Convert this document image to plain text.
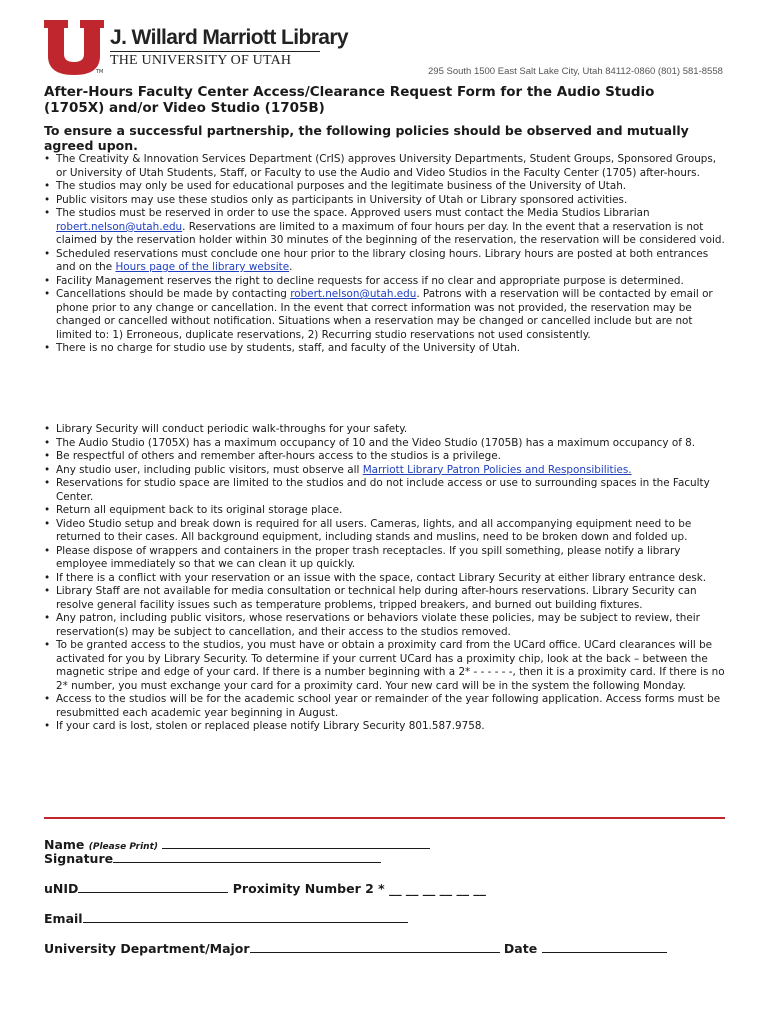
TM
J. Willard Marriott Library
THE UNIVERSITY OF UTAH
295 South 1500 East Salt Lake City, Utah 84112-0860 (801) 581-8558
After-Hours Faculty Center Access/Clearance Request Form for the Audio Studio (1705X) and/or Video Studio (1705B)
To ensure a successful partnership, the following policies should be observed and mutually agreed upon.
• The Creativity & Innovation Services Department (CrIS) approves University Departments, Student Groups, Sponsored Groups, or University of Utah Students, Staff, or Faculty to use the Audio and Video Studios in the Faculty Center (1705) after-hours.
• The studios may only be used for educational purposes and the legitimate business of the University of Utah.
• Public visitors may use these studios only as participants in University of Utah or Library sponsored activities.
• The studios must be reserved in order to use the space. Approved users must contact the Media Studios Librarian robert.nelson@utah.edu. Reservations are limited to a maximum of four hours per day. In the event that a reservation is not claimed by the reservation holder within 30 minutes of the beginning of the reservation, the reservation will be considered void.
• Scheduled reservations must conclude one hour prior to the library closing hours. Library hours are posted at both entrances and on the Hours page of the library website.
• Facility Management reserves the right to decline requests for access if no clear and appropriate purpose is determined.
• Cancellations should be made by contacting robert.nelson@utah.edu. Patrons with a reservation will be contacted by email or phone prior to any change or cancellation. In the event that correct information was not provided, the reservation may be changed or cancelled without notification. Situations when a reservation may be changed or cancelled include but are not limited to: 1) Erroneous, duplicate reservations, 2) Recurring studio reservations not used consistently.
• There is no charge for studio use by students, staff, and faculty of the University of Utah.
• Library Security will conduct periodic walk-throughs for your safety.
• The Audio Studio (1705X) has a maximum occupancy of 10 and the Video Studio (1705B) has a maximum occupancy of 8.
• Be respectful of others and remember after-hours access to the studios is a privilege.
• Any studio user, including public visitors, must observe all Marriott Library Patron Policies and Responsibilities.
• Reservations for studio space are limited to the studios and do not include access or use to surrounding spaces in the Faculty Center.
• Return all equipment back to its original storage place.
• Video Studio setup and break down is required for all users. Cameras, lights, and all accompanying equipment need to be returned to their cases. All background equipment, including stands and muslins, need to be broken down and folded up.
• Please dispose of wrappers and containers in the proper trash receptacles. If you spill something, please notify a library employee immediately so that we can clean it up quickly.
• If there is a conflict with your reservation or an issue with the space, contact Library Security at either library entrance desk.
• Library Staff are not available for media consultation or technical help during after-hours reservations. Library Security can resolve general facility issues such as temperature problems, tripped breakers, and burned out building fixtures.
• Any patron, including public visitors, whose reservations or behaviors violate these policies, may be subject to review, their reservation(s) may be subject to cancellation, and their access to the studios removed.
• To be granted access to the studios, you must have or obtain a proximity card from the UCard office. UCard clearances will be activated for you by Library Security. To determine if your current UCard has a proximity chip, look at the back – between the magnetic stripe and edge of your card. If there is a number beginning with a 2* - - - - - -, then it is a proximity card. If there is no 2* number, you must exchange your card for a proximity card. Your new card will be in the system the following Monday.
• Access to the studios will be for the academic school year or remainder of the year following application. Access forms must be resubmitted each academic year beginning in August.
• If your card is lost, stolen or replaced please notify Library Security 801.587.9758.
Name (Please Print)
Signature
uNID	Proximity Number 2 * __ __ __ __ __ __
Email
University Department/Major	Date
